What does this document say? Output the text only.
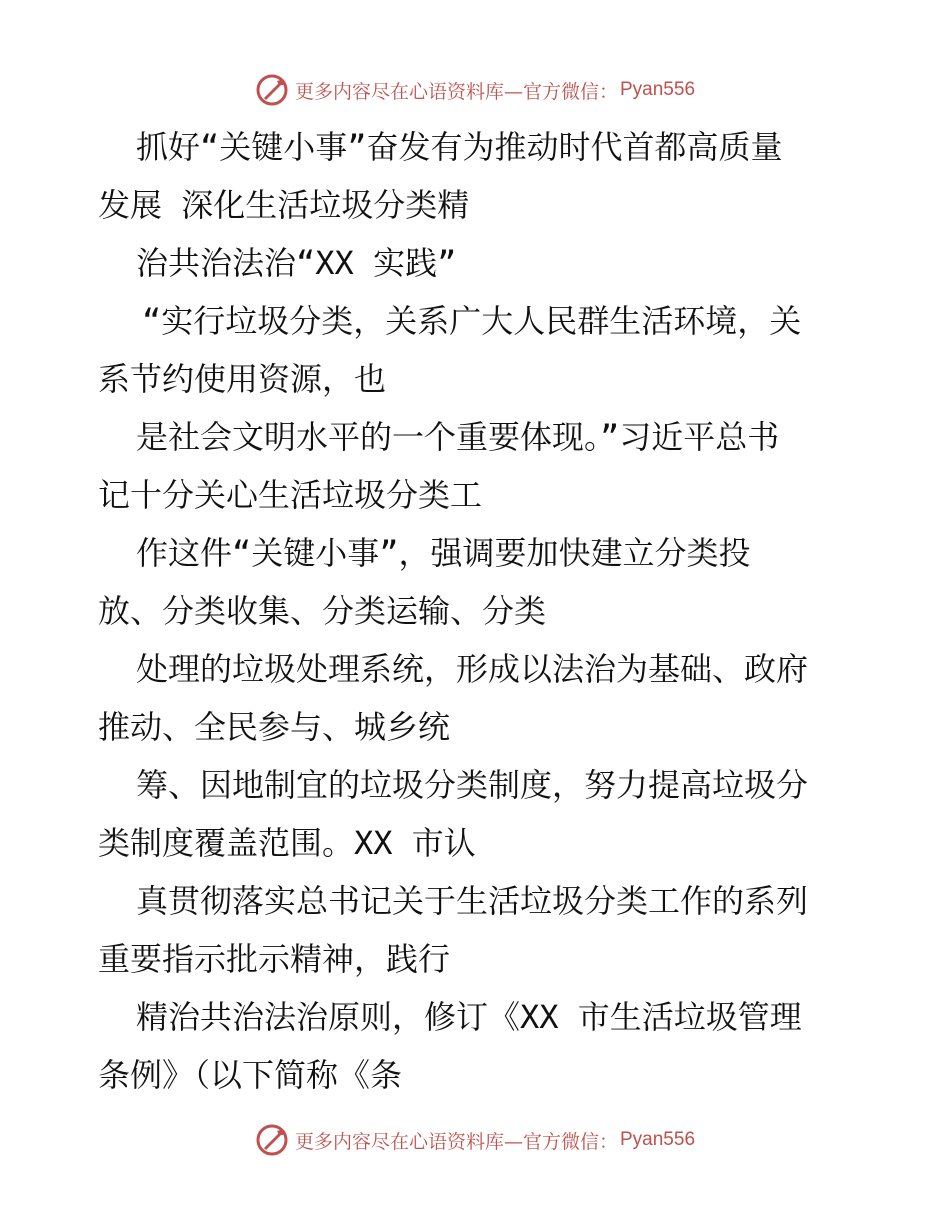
更多内容尽在心语资料库—官方微信： Pyan556
抓好“关键小事”奋发有为推动时代首都高质量
发展 深化生活垃圾分类精
治共治法治“XX 实践”
“实行垃圾分类，关系广大人民群生活环境，关
系节约使用资源，也
是社会文明水平的一个重要体现。”习近平总书
记十分关心生活垃圾分类工
作这件“关键小事”，强调要加快建立分类投
放、分类收集、分类运输、分类
处理的垃圾处理系统，形成以法治为基础、政府
推动、全民参与、城乡统
筹、因地制宜的垃圾分类制度，努力提高垃圾分
类制度覆盖范围。XX 市认
真贯彻落实总书记关于生活垃圾分类工作的系列
重要指示批示精神，践行
精治共治法治原则，修订《XX 市生活垃圾管理
条例》（以下简称《条
更多内容尽在心语资料库—官方微信： Pyan556
